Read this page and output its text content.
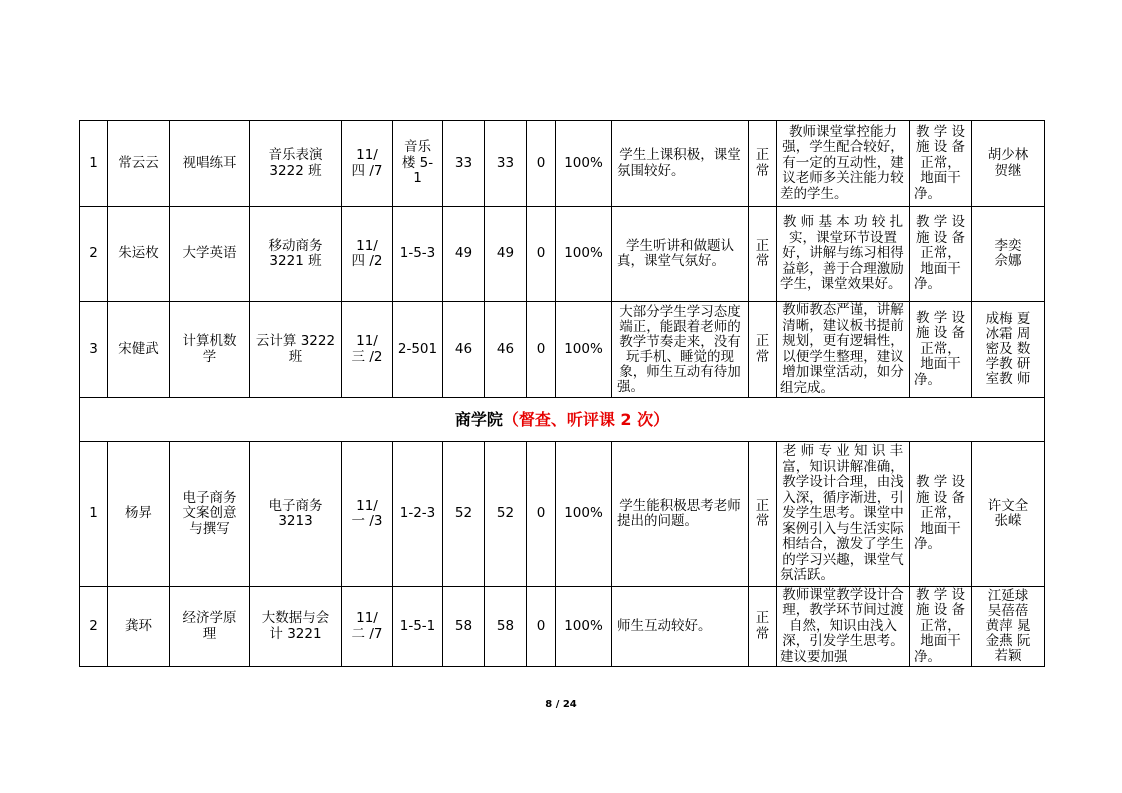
1	常云云	视唱练耳	音乐表演 3222 班	11/四 /7	音乐楼 5-1	33	33	0	100%	学生上课积极，课堂氛围较好。	正常	教师课堂掌控能力强，学生配合较好，有一定的互动性，建议老师多关注能力较差的学生。	教 学 设 施 设 备 正常，地面干净。	胡少林 贺继
2	朱运枚	大学英语	移动商务 3221 班	11/四 /2	1-5-3	49	49	0	100%	学生听讲和做题认真，课堂气氛好。	正常	教 师 基 本 功 较 扎 实，课堂环节设置好，讲解与练习相得益彰，善于合理激励学生，课堂效果好。	教 学 设 施 设 备 正常，地面干净。	李奕 佘娜
3	宋健武	计算机数学	云计算 3222 班	11/三 /2	2-501	46	46	0	100%	大部分学生学习态度端正，能跟着老师的教学节奏走来，没有玩手机、睡觉的现象，师生互动有待加强。	正常	教师教态严谨，讲解清晰，建议板书提前规划，更有逻辑性，以便学生整理，建议增加课堂活动，如分组完成。	教 学 设 施 设 备 正常，地面干净。	成梅 夏冰霜 周密及 数学教 研室教 师
商学院（督查、听评课 2 次）														
1	杨昇	电子商务 文案创意 与撰写	电子商务 3213	11/一 /3	1-2-3	52	52	0	100%	学生能积极思考老师提出的问题。	正常	老 师 专 业 知 识 丰 富，知识讲解准确，教学设计合理，由浅入深，循序渐进，引发学生思考。课堂中案例引入与生活实际相结合，激发了学生的学习兴趣，课堂气氛活跃。	教 学 设 施 设 备 正常，地面干净。	许文全 张嵘
2	龚环	经济学原理	大数据与会计 3221	11/二 /7	1-5-1	58	58	0	100%	师生互动较好。	正常	教师课堂教学设计合理，教学环节间过渡自然，知识由浅入深，引发学生思考。建议要加强	教 学 设 施 设 备 正常，地面干净。	江延球 吴蓓蓓 黄萍 晁金燕 阮若颖
8 / 24
